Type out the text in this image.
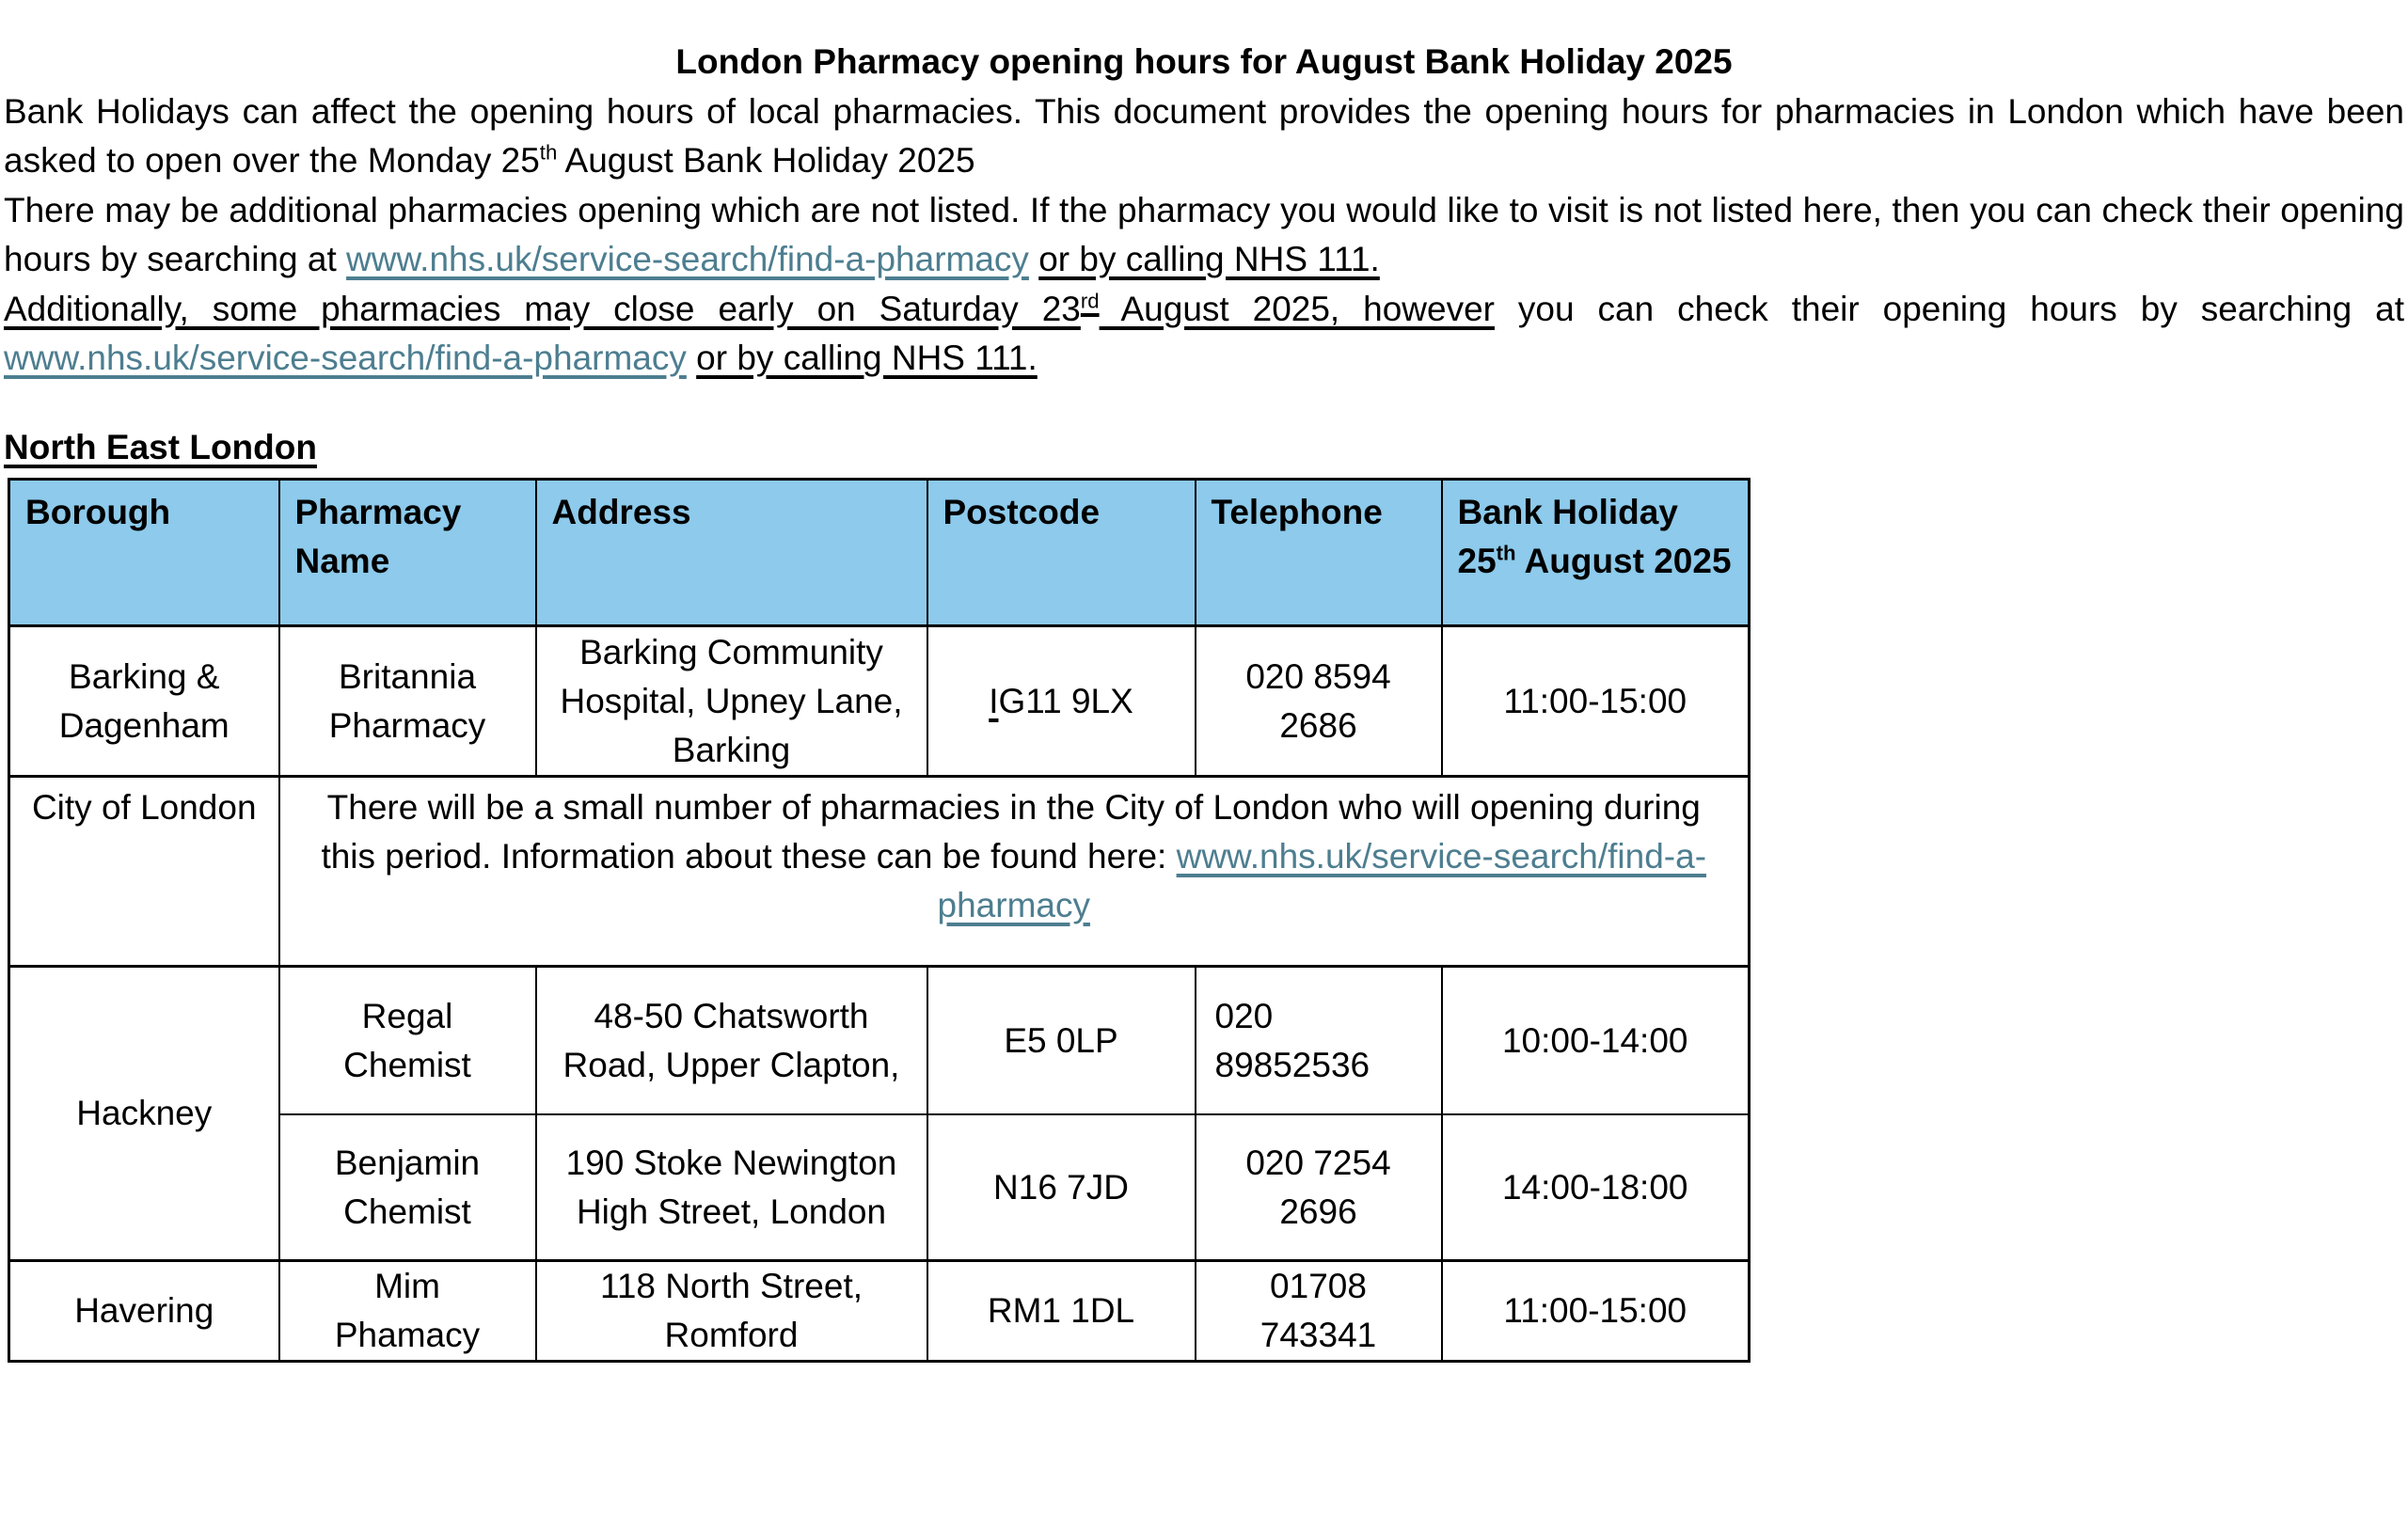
London Pharmacy opening hours for August Bank Holiday 2025

Bank Holidays can affect the opening hours of local pharmacies. This document provides the opening hours for pharmacies in London which have been asked to open over the Monday 25th August Bank Holiday 2025

There may be additional pharmacies opening which are not listed. If the pharmacy you would like to visit is not listed here, then you can check their opening hours by searching at www.nhs.uk/service-search/find-a-pharmacy or by calling NHS 111.

Additionally, some pharmacies may close early on Saturday 23rd August 2025, however you can check their opening hours by searching at www.nhs.uk/service-search/find-a-pharmacy or by calling NHS 111.

North East London
Borough	Pharmacy Name	Address	Postcode	Telephone	Bank Holiday 25th August 2025
Barking & Dagenham	Britannia Pharmacy	Barking Community Hospital, Upney Lane, Barking	IG11 9LX	020 8594 2686	11:00-15:00
City of London	There will be a small number of pharmacies in the City of London who will opening during this period. Information about these can be found here: www.nhs.uk/service-search/find-a-pharmacy				
Hackney	Regal Chemist	48-50 Chatsworth Road, Upper Clapton,	E5 0LP	020 89852536	10:00-14:00
	Benjamin Chemist	190 Stoke Newington High Street, London	N16 7JD	020 7254 2696	14:00-18:00
Havering	Mim Phamacy	118 North Street, Romford	RM1 1DL	01708 743341	11:00-15:00
